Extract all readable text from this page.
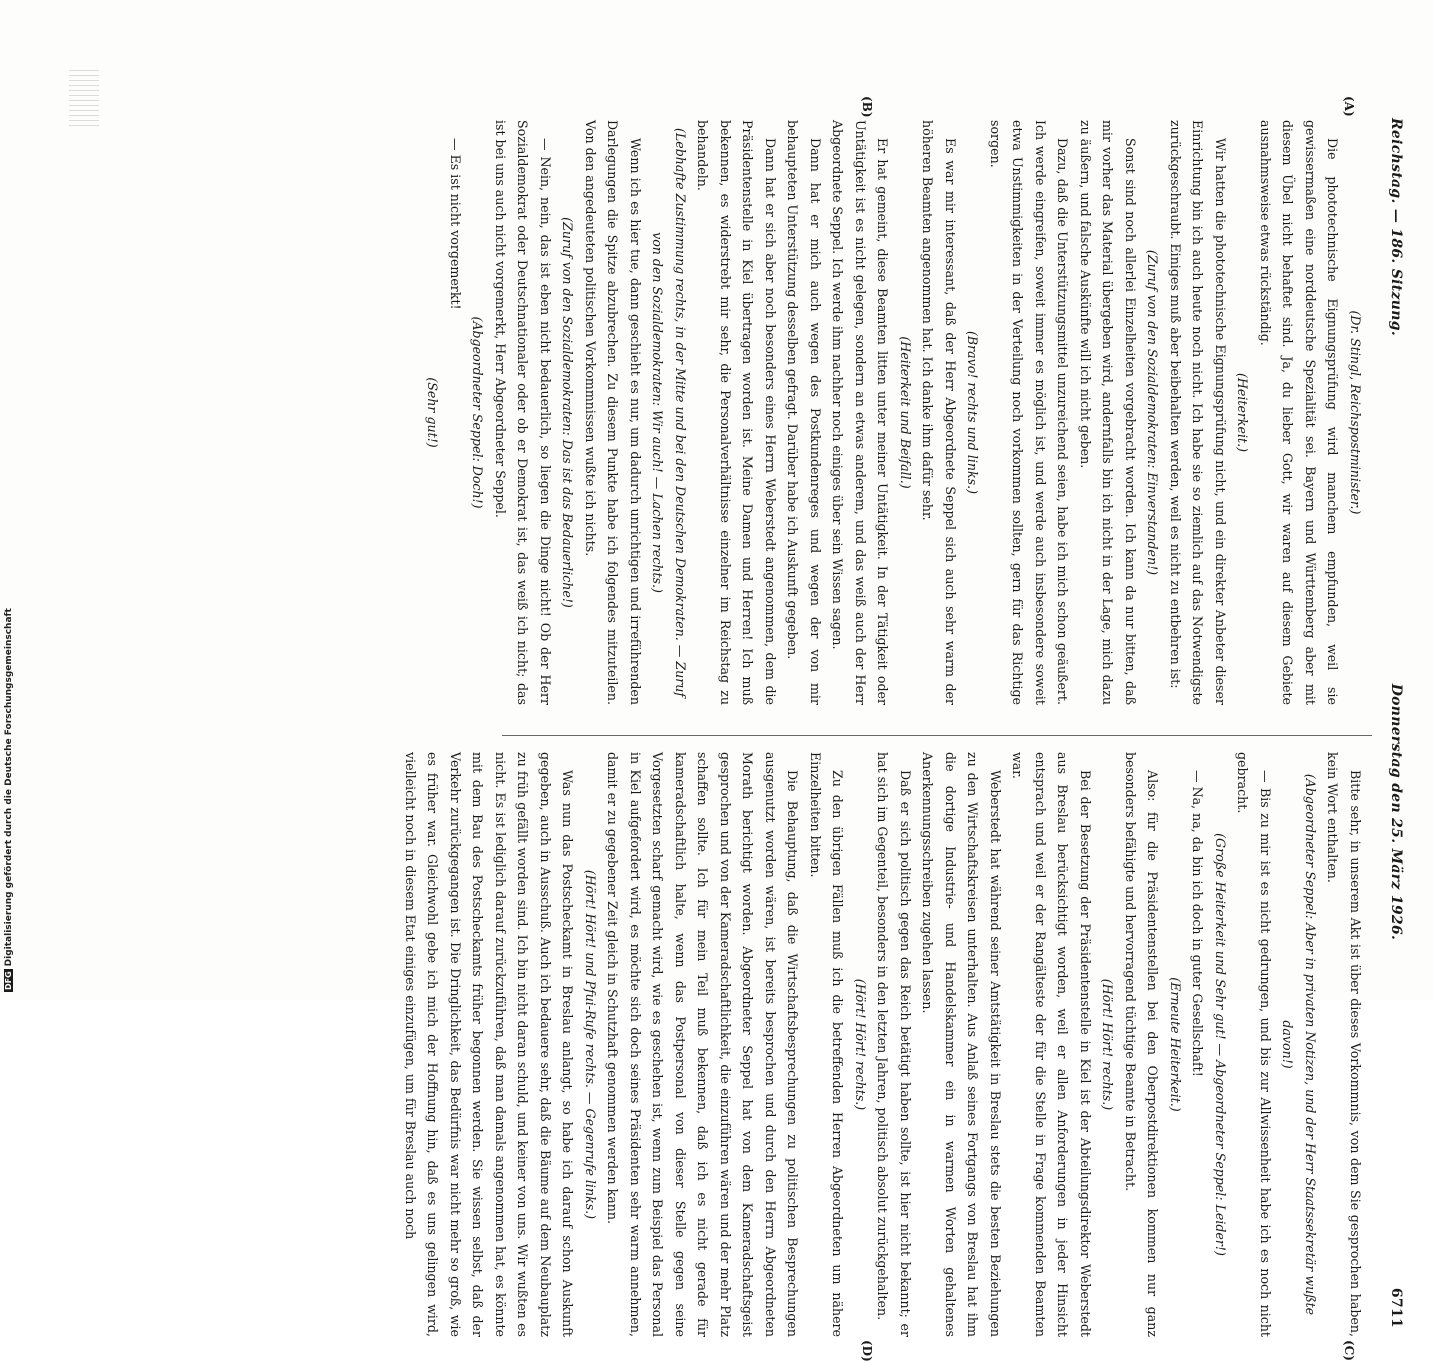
Reichstag. — 186. Sitzung.
Donnerstag den 25. März 1926.
6711
(A)
(B)
(C)
(D)

(Dr. Stingl, Reichspostminister.)

Die phototechnische Eignungsprüfung wird manchem empfunden, weil sie gewissermaßen eine norddeutsche Spezialität sei. Bayern und Württemberg aber mit diesem Übel nicht behaftet sind. Ja, du lieber Gott, wir waren auf diesem Gebiete ausnahmsweise etwas rückständig.

(Heiterkeit.)

Wir hatten die phototechnische Eignungsprüfung nicht, und ein direkter Anbeter dieser Einrichtung bin ich auch heute noch nicht. Ich habe sie so ziemlich auf das Notwendigste zurückgeschraubt. Einiges muß aber beibehalten werden, weil es nicht zu entbehren ist:

(Zuruf von den Sozialdemokraten: Einverstanden!)

Sonst sind noch allerlei Einzelheiten vorgebracht worden. Ich kann da nur bitten, daß mir vorher das Material übergeben wird, andernfalls bin ich nicht in der Lage, mich dazu zu äußern, und falsche Auskünfte will ich nicht geben.

Dazu, daß die Unterstützungsmittel unzureichend seien, habe ich mich schon geäußert. Ich werde eingreifen, soweit immer es möglich ist, und werde auch insbesondere soweit etwa Unstimmigkeiten in der Verteilung noch vorkommen sollten, gern für das Richtige sorgen.

(Bravo! rechts und links.)

Es war mir interessant, daß der Herr Abgeordnete Seppel sich auch sehr warm der höheren Beamten angenommen hat. Ich danke ihm dafür sehr.

(Heiterkeit und Beifall.)

Er hat gemeint, diese Beamten litten unter meiner Untätigkeit. In der Tätigkeit oder Untätigkeit ist es nicht gelegen, sondern an etwas anderem, und das weiß auch der Herr Abgeordnete Seppel. Ich werde ihm nachher noch einiges über sein Wissen sagen.

Dann hat er mich auch wegen des Postkundenreges und wegen der von mir behaupteten Unterstützung desselben gefragt. Darüber habe ich Auskunft gegeben.

Dann hat er sich aber noch besonders eines Herrn Weberstedt angenommen, dem die Präsidentenstelle in Kiel übertragen worden ist. Meine Damen und Herren! Ich muß bekennen, es widerstrebt mir sehr, die Personalverhältnisse einzelner im Reichstag zu behandeln.

(Lebhafte Zustimmung rechts, in der Mitte und bei den Deutschen Demokraten. — Zuruf von den Sozialdemokraten: Wir auch! — Lachen rechts.)

Wenn ich es hier tue, dann geschieht es nur, um dadurch unrichtigen und irreführenden Darlegungen die Spitze abzubrechen. Zu diesem Punkte habe ich folgendes mitzuteilen. Von den angedeuteten politischen Vorkommnissen wußte ich nichts.

(Zuruf von den Sozialdemokraten: Das ist das Bedauerliche!)

— Nein, nein, das ist eben nicht bedauerlich, so liegen die Dinge nicht! Ob der Herr Sozialdemokrat oder Deutschnationaler oder ob er Demokrat ist, das weiß ich nicht; das ist bei uns auch nicht vorgemerkt, Herr Abgeordneter Seppel.

(Abgeordneter Seppel: Doch!)

— Es ist nicht vorgemerkt!

(Sehr gut!)

Bitte sehr, in unserem Akt ist über dieses Vorkommnis, von dem Sie gesprochen haben, kein Wort enthalten.

(Abgeordneter Seppel: Aber in privaten Notizen, und der Herr Staatssekretär wußte davon!)

— Bis zu mir ist es nicht gedrungen, und bis zur Allwissenheit habe ich es noch nicht gebracht.

(Große Heiterkeit und Sehr gut! — Abgeordneter Seppel: Leider!)

— Na, na, da bin ich doch in guter Gesellschaft!

(Erneute Heiterkeit.)

Also: für die Präsidentenstellen bei den Oberpostdirektionen kommen nur ganz besonders befähigte und hervorragend tüchtige Beamte in Betracht.

(Hört! Hört! rechts.)

Bei der Besetzung der Präsidentenstelle in Kiel ist der Abteilungsdirektor Weberstedt aus Breslau berücksichtigt worden, weil er allen Anforderungen in jeder Hinsicht entsprach und weil er der Rangälteste der für die Stelle in Frage kommenden Beamten war.

Weberstedt hat während seiner Amtstätigkeit in Breslau stets die besten Beziehungen zu den Wirtschaftskreisen unterhalten. Aus Anlaß seines Fortgangs von Breslau hat ihm die dortige Industrie- und Handelskammer ein in warmen Worten gehaltenes Anerkennungsschreiben zugehen lassen.

Daß er sich politisch gegen das Reich betätigt haben sollte, ist hier nicht bekannt; er hat sich im Gegenteil, besonders in den letzten Jahren, politisch absolut zurückgehalten.

(Hört! Hört! rechts.)

Zu den übrigen Fällen muß ich die betreffenden Herren Abgeordneten um nähere Einzelheiten bitten.

Die Behauptung, daß die Wirtschaftsbesprechungen zu politischen Besprechungen ausgenutzt worden wären, ist bereits besprochen und durch den Herrn Abgeordneten Morath berichtigt worden. Abgeordneter Seppel hat von dem Kameradschaftsgeist gesprochen und von der Kameradschaftlichkeit, die einzuführen wären und der mehr Platz schaffen sollte. Ich für mein Teil muß bekennen, daß ich es nicht gerade für kameradschaftlich halte, wenn das Postpersonal von dieser Stelle gegen seine Vorgesetzten scharf gemacht wird, wie es geschehen ist, wenn zum Beispiel das Personal in Kiel aufgefordert wird, es möchte sich doch seines Präsidenten sehr warm annehmen, damit er zu gegebener Zeit gleich in Schutzhaft genommen werden kann.

(Hört! Hört! und Pfui-Rufe rechts. — Gegenrufe links.)

Was nun das Postscheckamt in Breslau anlangt, so habe ich darauf schon Auskunft gegeben, auch in Ausschuß. Auch ich bedauere sehr, daß die Bäume auf dem Neubauplatz zu früh gefällt worden sind. Ich bin nicht daran schuld, und keiner von uns. Wir wußten es nicht. Es ist lediglich darauf zurückzuführen, daß man damals angenommen hat, es könnte mit dem Bau des Postscheckamts früher begonnen werden. Sie wissen selbst, daß der Verkehr zurückgegangen ist. Die Dringlichkeit, das Bedürfnis war nicht mehr so groß, wie es früher war. Gleichwohl gebe ich mich der Hoffnung hin, daß es uns gelingen wird, vielleicht noch in diesem Etat einiges einzufügen, um für Breslau auch noch

DFGDigitalisierung gefördert durch die Deutsche Forschungsgemeinschaft
